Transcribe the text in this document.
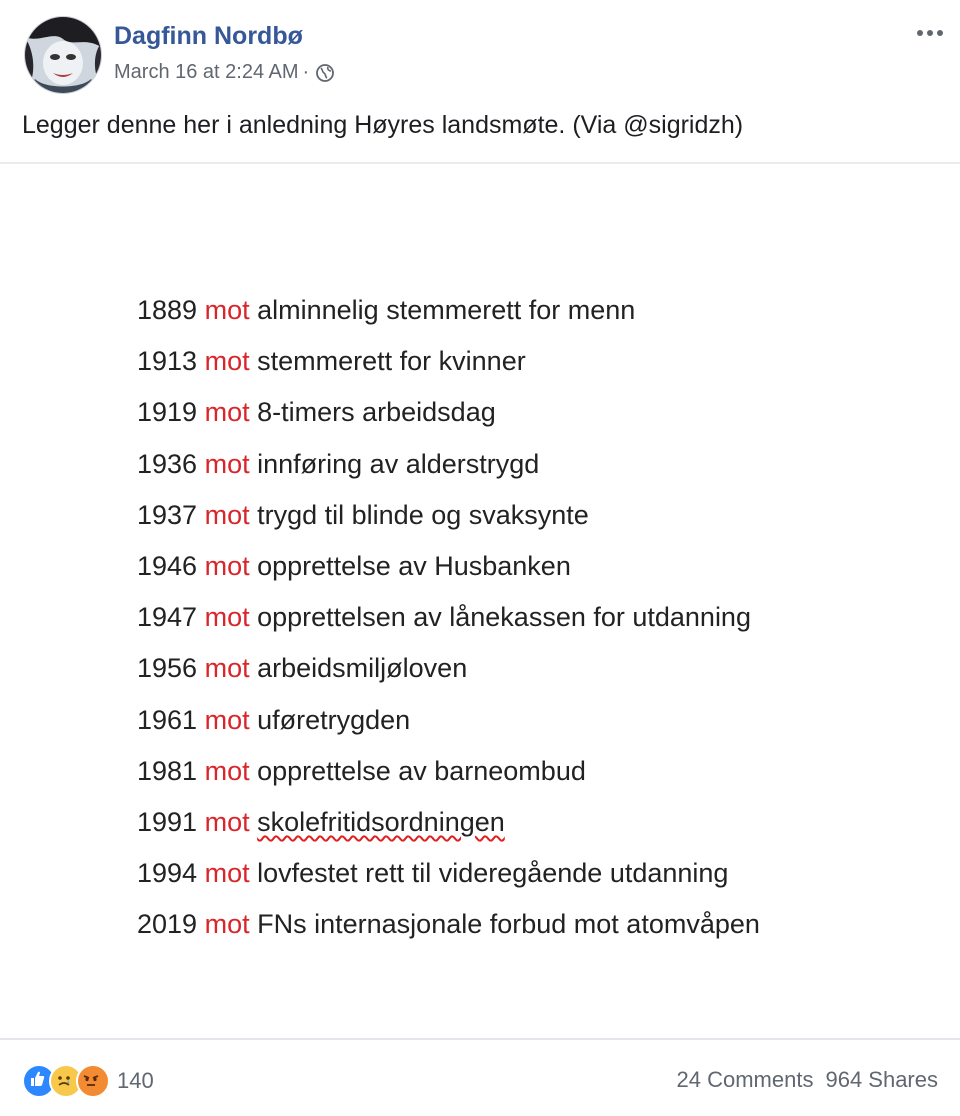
Dagfinn Nordbø
March 16 at 2:24 AM ·
Legger denne her i anledning Høyres landsmøte. (Via @sigridzh)
1889 mot alminnelig stemmerett for menn
1913 mot stemmerett for kvinner
1919 mot 8-timers arbeidsdag
1936 mot innføring av alderstrygd
1937 mot trygd til blinde og svaksynte
1946 mot opprettelse av Husbanken
1947 mot opprettelsen av lånekassen for utdanning
1956 mot arbeidsmiljøloven
1961 mot uføretrygden
1981 mot opprettelse av barneombud
1991 mot skolefritidsordningen
1994 mot lovfestet rett til videregående utdanning
2019 mot FNs internasjonale forbud mot atomvåpen
140	24 Comments 964 Shares
